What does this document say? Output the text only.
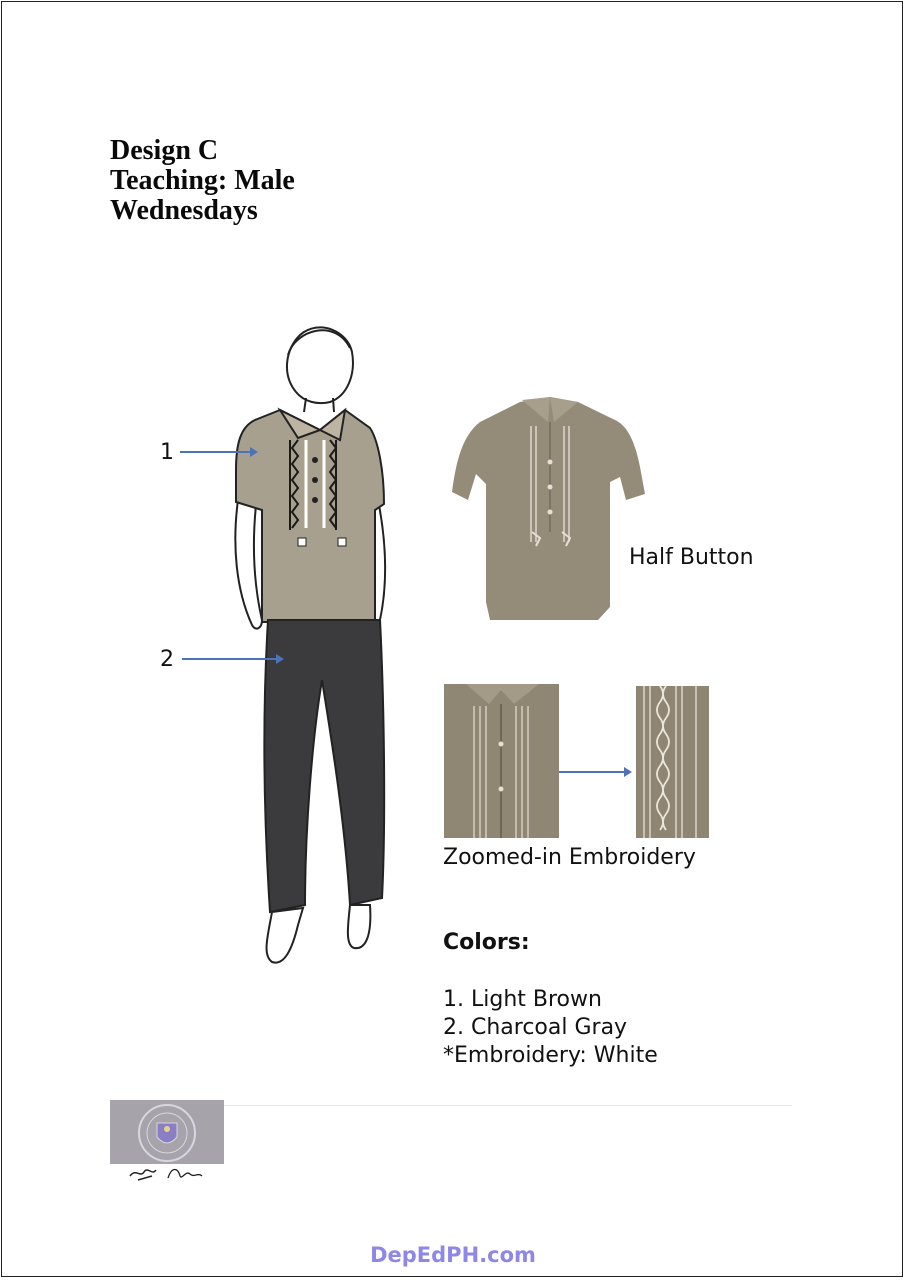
Design C
Teaching: Male
Wednesdays
1
2
Half Button
Zoomed-in Embroidery
Colors:
1. Light Brown
2. Charcoal Gray
*Embroidery: White
DepEdPH.com
